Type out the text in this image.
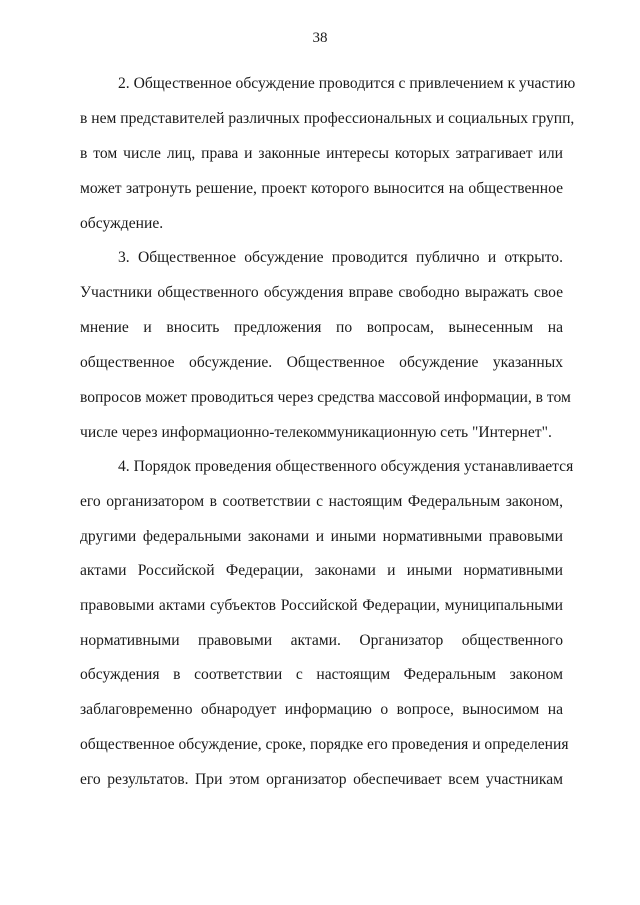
38
2. Общественное обсуждение проводится с привлечением к участию
в нем представителей различных профессиональных и социальных групп,
в том числе лиц, права и законные интересы которых затрагивает или
может затронуть решение, проект которого выносится на общественное
обсуждение.
3. Общественное обсуждение проводится публично и открыто.
Участники общественного обсуждения вправе свободно выражать свое
мнение и вносить предложения по вопросам, вынесенным на
общественное обсуждение. Общественное обсуждение указанных
вопросов может проводиться через средства массовой информации, в том
числе через информационно-телекоммуникационную сеть "Интернет".
4. Порядок проведения общественного обсуждения устанавливается
его организатором в соответствии с настоящим Федеральным законом,
другими федеральными законами и иными нормативными правовыми
актами Российской Федерации, законами и иными нормативными
правовыми актами субъектов Российской Федерации, муниципальными
нормативными правовыми актами. Организатор общественного
обсуждения в соответствии с настоящим Федеральным законом
заблаговременно обнародует информацию о вопросе, выносимом на
общественное обсуждение, сроке, порядке его проведения и определения
его результатов. При этом организатор обеспечивает всем участникам
